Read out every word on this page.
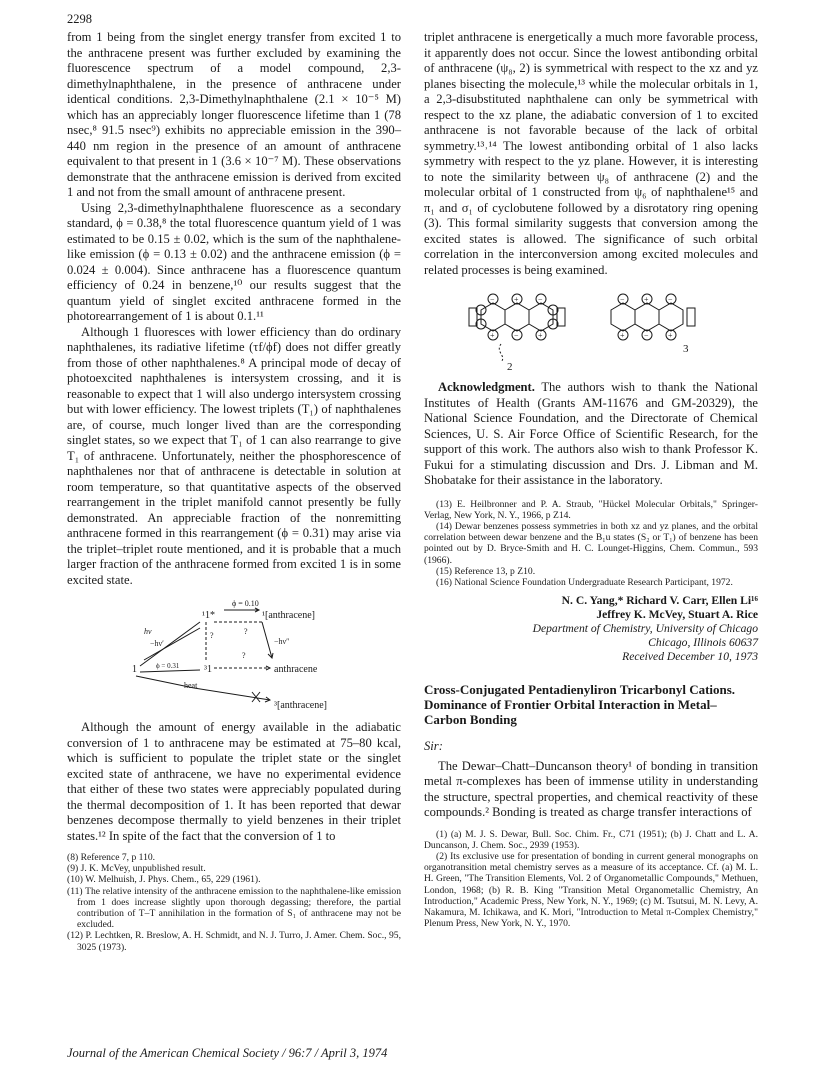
2298

from 1 being from the singlet energy transfer from excited 1 to the anthracene present was further excluded by examining the fluorescence spectrum of a model compound, 2,3-dimethylnaphthalene, in the presence of anthracene under identical conditions. 2,3-Dimethylnaphthalene (2.1 × 10⁻⁵ M) which has an appreciably longer fluorescence lifetime than 1 (78 nsec,⁸ 91.5 nsec⁹) exhibits no appreciable emission in the 390–440 nm region in the presence of an amount of anthracene equivalent to that present in 1 (3.6 × 10⁻⁷ M). These observations demonstrate that the anthracene emission is derived from excited 1 and not from the small amount of anthracene present.

Using 2,3-dimethylnaphthalene fluorescence as a secondary standard, ϕ = 0.38,⁸ the total fluorescence quantum yield of 1 was estimated to be 0.15 ± 0.02, which is the sum of the naphthalene-like emission (ϕ = 0.13 ± 0.02) and the anthracene emission (ϕ = 0.024 ± 0.004). Since anthracene has a fluorescence quantum efficiency of 0.24 in benzene,¹⁰ our results suggest that the quantum yield of singlet excited anthracene formed in the photorearrangement of 1 is about 0.1.¹¹

Although 1 fluoresces with lower efficiency than do ordinary naphthalenes, its radiative lifetime (τf/ϕf) does not differ greatly from those of other naphthalenes.⁸ A principal mode of decay of photoexcited naphthalenes is intersystem crossing, and it is reasonable to expect that 1 will also undergo intersystem crossing but with lower efficiency. The lowest triplets (T₁) of naphthalenes are, of course, much longer lived than are the corresponding singlet states, so we expect that T₁ of 1 can also rearrange to give T₁ of anthracene. Unfortunately, neither the phosphorescence of naphthalenes nor that of anthracene is detectable in solution at room temperature, so that quantitative aspects of the observed rearrangement in the triplet manifold cannot presently be fully demonstrated. An appreciable fraction of the nonremitting anthracene formed in this rearrangement (ϕ = 0.31) may arise via the triplet–triplet route mentioned, and it is probable that a much larger fraction of the anthracene formed from excited 1 is in some excited state.

ϕ = 0.10
¹1*	¹[anthracene]
hν
−hν′
?	?
−hν″
?
1	ϕ = 0.31 ³1	anthracene
heat
³[anthracene]

Although the amount of energy available in the adiabatic conversion of 1 to anthracene may be estimated at 75–80 kcal, which is sufficient to populate the triplet state or the singlet excited state of anthracene, we have no experimental evidence that either of these two states were appreciably populated during the thermal decomposition of 1. It has been reported that dewar benzenes decompose thermally to yield benzenes in their triplet states.¹² In spite of the fact that the conversion of 1 to

(8) Reference 7, p 110.
(9) J. K. McVey, unpublished result.
(10) W. Melhuish, J. Phys. Chem., 65, 229 (1961).
(11) The relative intensity of the anthracene emission to the naphthalene-like emission from 1 does increase slightly upon thorough degassing; therefore, the partial contribution of T–T annihilation in the formation of S₁ of anthracene may not be excluded.
(12) P. Lechtken, R. Breslow, A. H. Schmidt, and N. J. Turro, J. Amer. Chem. Soc., 95, 3025 (1973).

triplet anthracene is energetically a much more favorable process, it apparently does not occur. Since the lowest antibonding orbital of anthracene (ψ₈, 2) is symmetrical with respect to the xz and yz planes bisecting the molecule,¹³ while the molecular orbitals in 1, a 2,3-disubstituted naphthalene can only be symmetrical with respect to the xz plane, the adiabatic conversion of 1 to excited anthracene is not favorable because of the lack of orbital symmetry.¹³˒¹⁴ The lowest antibonding orbital of 1 also lacks symmetry with respect to the yz plane. However, it is interesting to note the similarity between ψ₈ of anthracene (2) and the molecular orbital of 1 constructed from ψ₆ of naphthalene¹⁵ and π₁ and σ₁ of cyclobutene followed by a disrotatory ring opening (3). This formal similarity suggests that conversion among the excited states is allowed. The significance of such orbital correlation in the interconversion among excited molecules and related processes is being examined.

− + −
+ − +
− + −
+ − +
2
3

Acknowledgment. The authors wish to thank the National Institutes of Health (Grants AM-11676 and GM-20329), the National Science Foundation, and the Directorate of Chemical Sciences, U. S. Air Force Office of Scientific Research, for the support of this work. The authors also wish to thank Professor K. Fukui for a stimulating discussion and Drs. J. Libman and M. Shobatake for their assistance in the laboratory.

(13) E. Heilbronner and P. A. Straub, "Hückel Molecular Orbitals," Springer-Verlag, New York, N. Y., 1966, p Z14.
(14) Dewar benzenes possess symmetries in both xz and yz planes, and the orbital correlation between dewar benzene and the B₁u states (S₂ or T₁) of benzene has been pointed out by D. Bryce-Smith and H. C. Lounget-Higgins, Chem. Commun., 593 (1966).
(15) Reference 13, p Z10.
(16) National Science Foundation Undergraduate Research Participant, 1972.
N. C. Yang,* Richard V. Carr, Ellen Li¹⁶
Jeffrey K. McVey, Stuart A. Rice
Department of Chemistry, University of Chicago
Chicago, Illinois 60637
Received December 10, 1973
Cross-Conjugated Pentadienyliron Tricarbonyl Cations. Dominance of Frontier Orbital Interaction in Metal–Carbon Bonding
Sir:

The Dewar–Chatt–Duncanson theory¹ of bonding in transition metal π-complexes has been of immense utility in understanding the structure, spectral properties, and chemical reactivity of these compounds.² Bonding is treated as charge transfer interactions of

(1) (a) M. J. S. Dewar, Bull. Soc. Chim. Fr., C71 (1951); (b) J. Chatt and L. A. Duncanson, J. Chem. Soc., 2939 (1953).
(2) Its exclusive use for presentation of bonding in current general monographs on organotransition metal chemistry serves as a measure of its acceptance. Cf. (a) M. L. H. Green, "The Transition Elements, Vol. 2 of Organometallic Compounds," Methuen, London, 1968; (b) R. B. King "Transition Metal Organometallic Chemistry, An Introduction," Academic Press, New York, N. Y., 1969; (c) M. Tsutsui, M. N. Levy, A. Nakamura, M. Ichikawa, and K. Mori, "Introduction to Metal π-Complex Chemistry," Plenum Press, New York, N. Y., 1970.
Journal of the American Chemical Society / 96:7 / April 3, 1974
